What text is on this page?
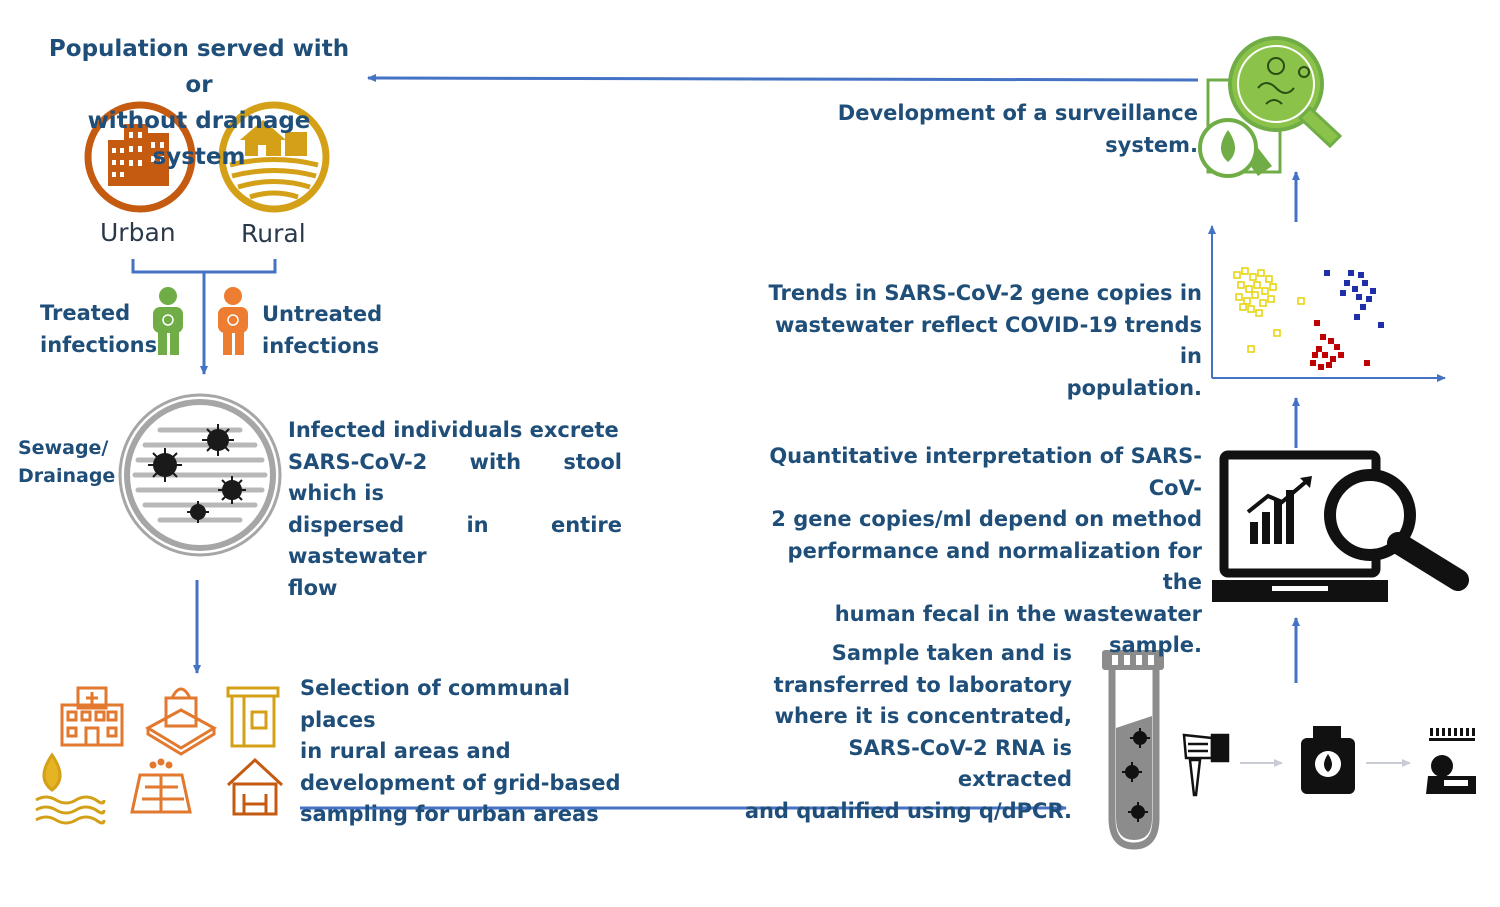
Population served with or
without drainage system
Urban	Rural
Treated
infections
Untreated
infections
Sewage/
Drainage
Infected individuals excrete
SARS-CoV-2 with stool which is
dispersed in entire wastewater
flow
Selection of communal places
in rural areas and
development of grid-based
sampling for urban areas
Development of a surveillance system.
Trends in SARS-CoV-2 gene copies in
wastewater reflect COVID-19 trends in
population.
Quantitative interpretation of SARS-CoV-
2 gene copies/ml depend on method
performance and normalization for the
human fecal in the wastewater sample.
Sample taken and is
transferred to laboratory
where it is concentrated,
SARS-CoV-2 RNA is extracted
and qualified using q/dPCR.
